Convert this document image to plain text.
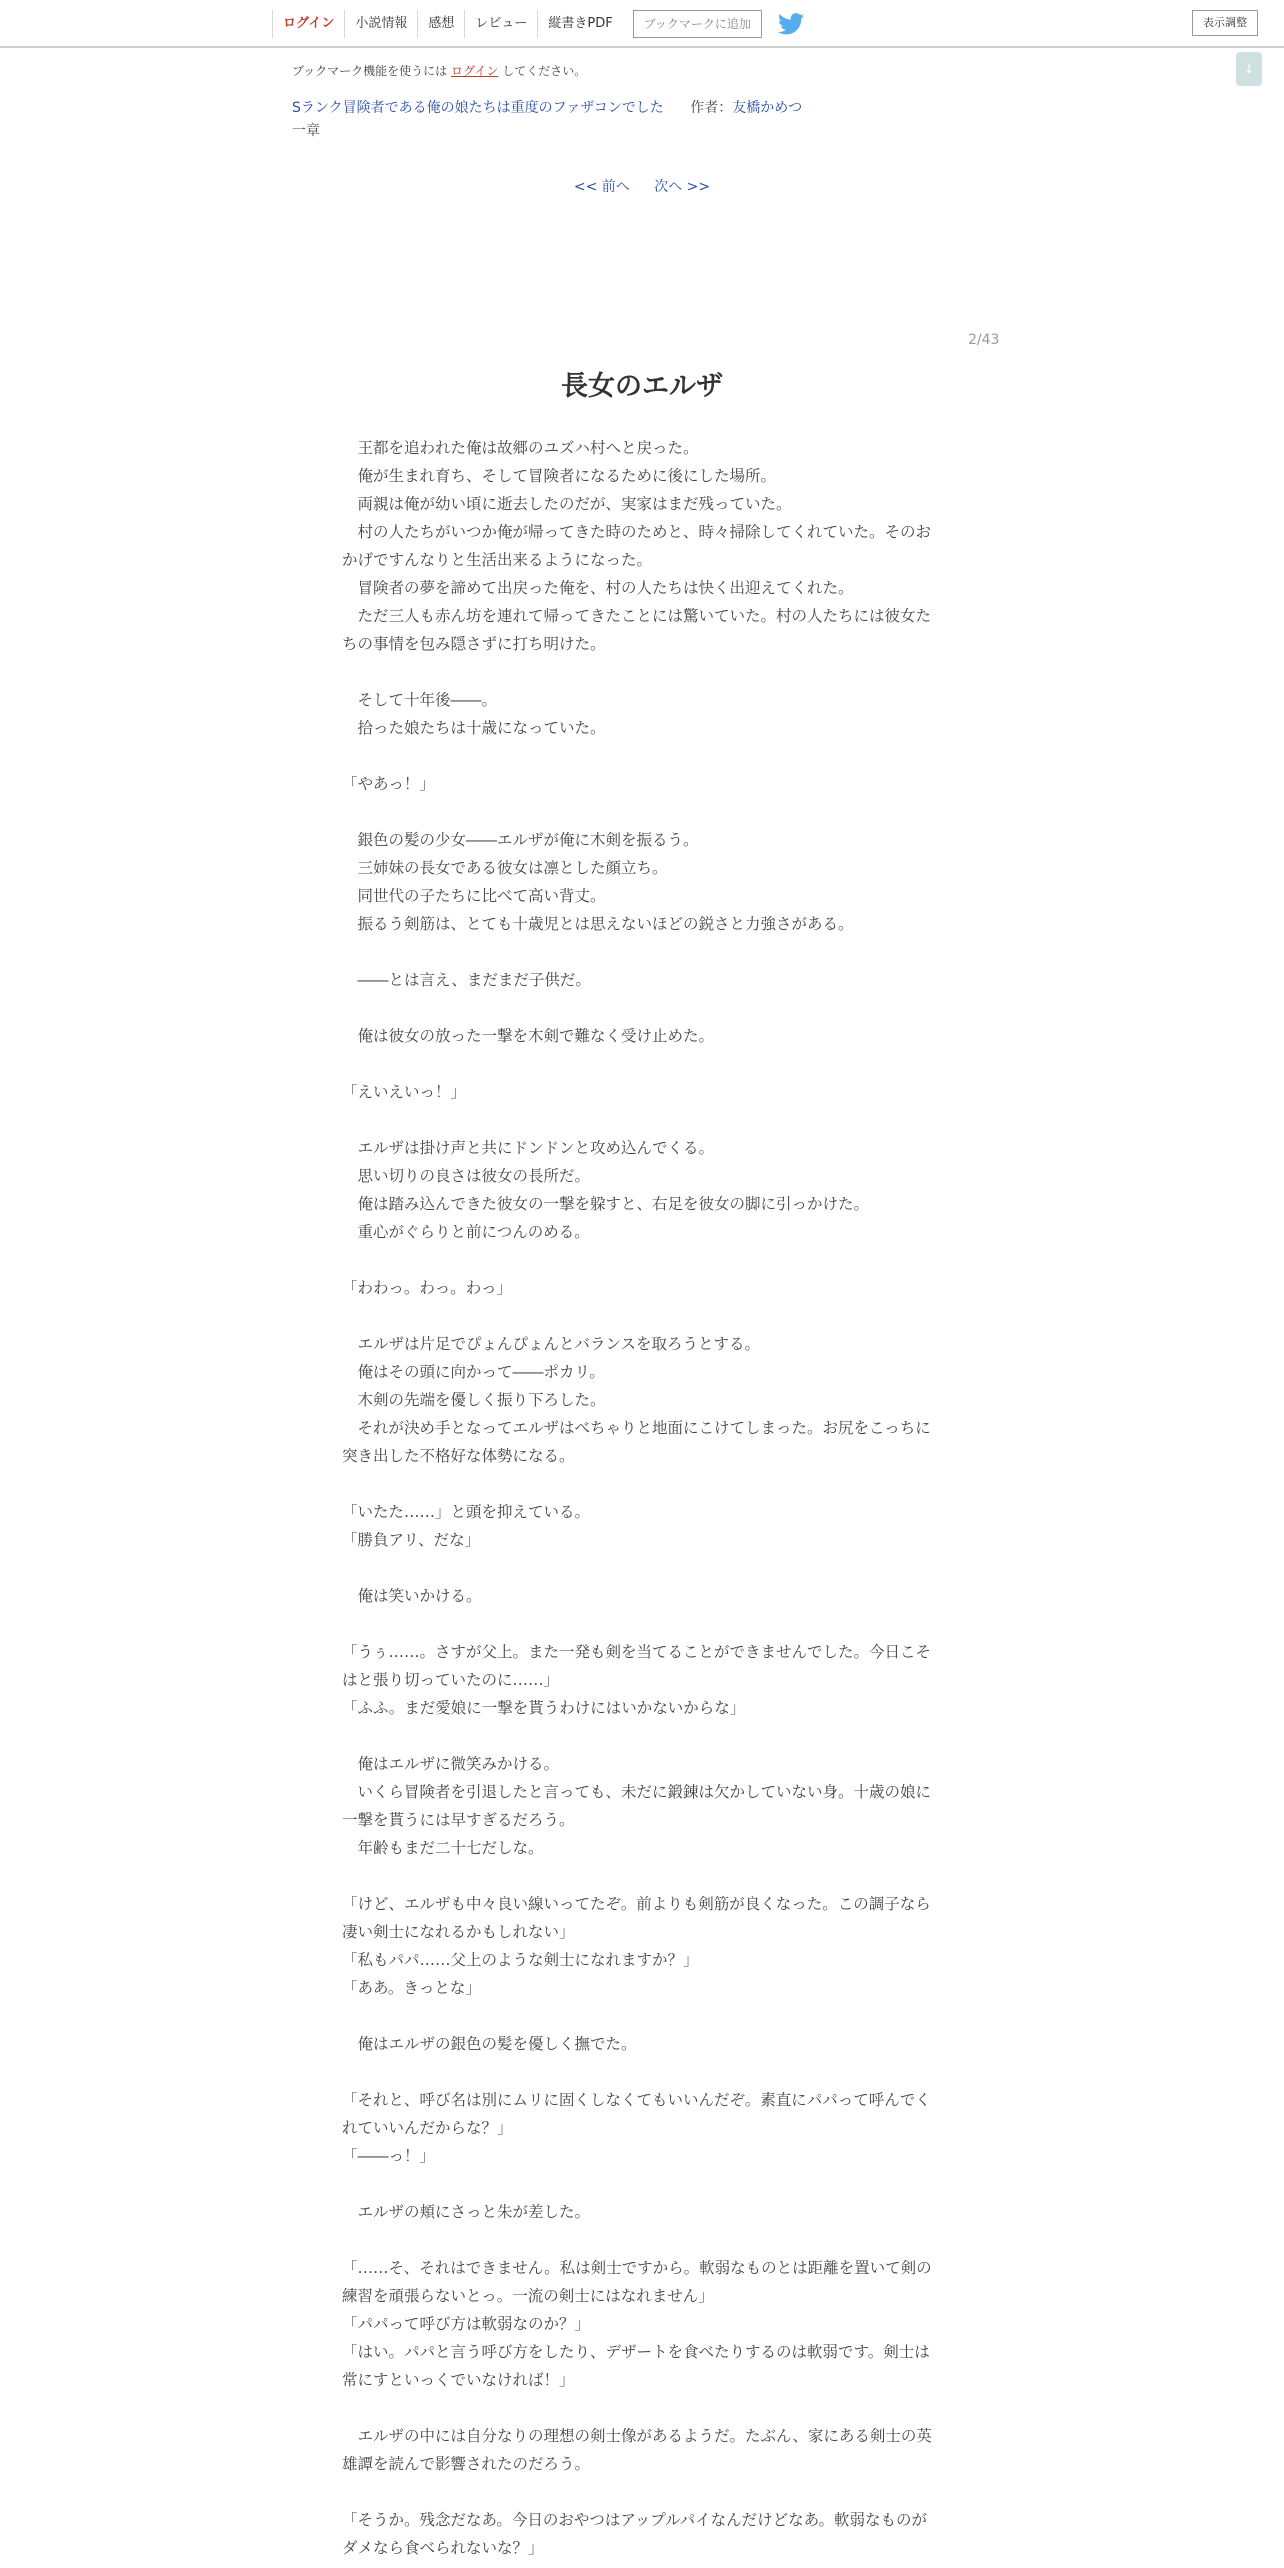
ログイン	小説情報	感想	レビュー	縦書きPDF	ブックマークに追加	表示調整
↓
ブックマーク機能を使うには ログイン してください。
Sランク冒険者である俺の娘たちは重度のファザコンでした 作者：友橋かめつ
一章
<< 前へ 次へ >>
2/43
長女のエルザ

　王都を追われた俺は故郷のユズハ村へと戻った。

　俺が生まれ育ち、そして冒険者になるために後にした場所。

　両親は俺が幼い頃に逝去したのだが、実家はまだ残っていた。

　村の人たちがいつか俺が帰ってきた時のためと、時々掃除してくれていた。そのおかげですんなりと生活出来るようになった。

　冒険者の夢を諦めて出戻った俺を、村の人たちは快く出迎えてくれた。

　ただ三人も赤ん坊を連れて帰ってきたことには驚いていた。村の人たちには彼女たちの事情を包み隠さずに打ち明けた。

　そして十年後――。

　拾った娘たちは十歳になっていた。

「やあっ！」

　銀色の髪の少女――エルザが俺に木剣を振るう。

　三姉妹の長女である彼女は凛とした顔立ち。

　同世代の子たちに比べて高い背丈。

　振るう剣筋は、とても十歳児とは思えないほどの鋭さと力強さがある。

　――とは言え、まだまだ子供だ。

　俺は彼女の放った一撃を木剣で難なく受け止めた。

「えいえいっ！」

　エルザは掛け声と共にドンドンと攻め込んでくる。

　思い切りの良さは彼女の長所だ。

　俺は踏み込んできた彼女の一撃を躱すと、右足を彼女の脚に引っかけた。

　重心がぐらりと前につんのめる。

「わわっ。わっ。わっ」

　エルザは片足でぴょんぴょんとバランスを取ろうとする。

　俺はその頭に向かって――ポカリ。

　木剣の先端を優しく振り下ろした。

　それが決め手となってエルザはべちゃりと地面にこけてしまった。お尻をこっちに突き出した不格好な体勢になる。

「いたた……」と頭を抑えている。

「勝負アリ、だな」

　俺は笑いかける。

「うぅ……。さすが父上。また一発も剣を当てることができませんでした。今日こそはと張り切っていたのに……」

「ふふ。まだ愛娘に一撃を貰うわけにはいかないからな」

　俺はエルザに微笑みかける。

　いくら冒険者を引退したと言っても、未だに鍛錬は欠かしていない身。十歳の娘に一撃を貰うには早すぎるだろう。

　年齢もまだ二十七だしな。

「けど、エルザも中々良い線いってたぞ。前よりも剣筋が良くなった。この調子なら凄い剣士になれるかもしれない」

「私もパパ……父上のような剣士になれますか？」

「ああ。きっとな」

　俺はエルザの銀色の髪を優しく撫でた。

「それと、呼び名は別にムリに固くしなくてもいいんだぞ。素直にパパって呼んでくれていいんだからな？」

「――っ！」

　エルザの頬にさっと朱が差した。

「……そ、それはできません。私は剣士ですから。軟弱なものとは距離を置いて剣の練習を頑張らないとっ。一流の剣士にはなれません」

「パパって呼び方は軟弱なのか？」

「はい。パパと言う呼び方をしたり、デザートを食べたりするのは軟弱です。剣士は常にすといっくでいなければ！」

　エルザの中には自分なりの理想の剣士像があるようだ。たぶん、家にある剣士の英雄譚を読んで影響されたのだろう。

「そうか。残念だなあ。今日のおやつはアップルパイなんだけどなあ。軟弱なものがダメなら食べられないな？」
